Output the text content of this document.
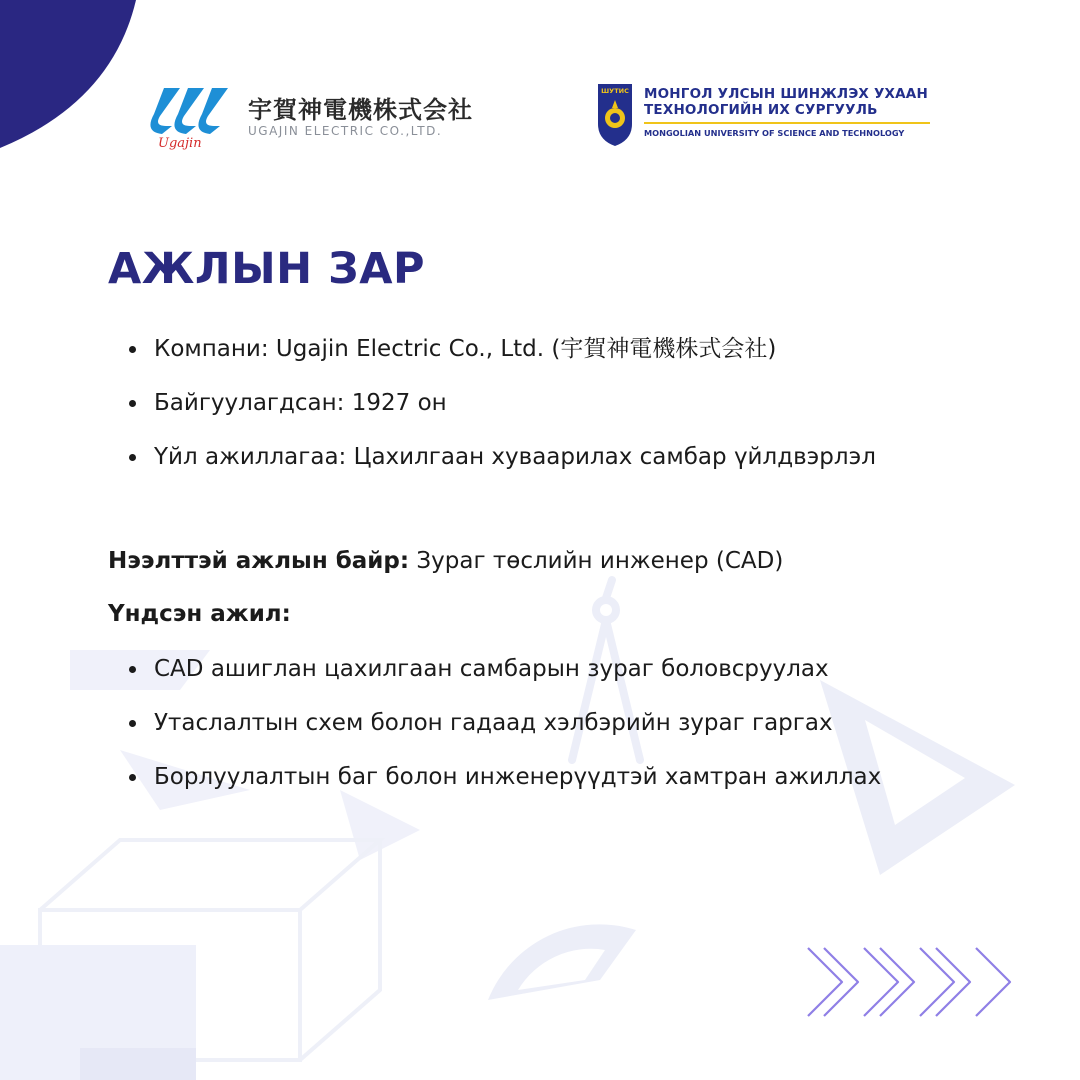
Ugajin
宇賀神電機株式会社
UGAJIN ELECTRIC CO.,LTD.
ШУТИС МОНГОЛ УЛСЫН ШИНЖЛЭХ УХААН
ТЕХНОЛОГИЙН ИХ СУРГУУЛЬ
MONGOLIAN UNIVERSITY OF SCIENCE AND TECHNOLOGY
АЖЛЫН ЗАР
Компани: Ugajin Electric Co., Ltd. (宇賀神電機株式会社)
Байгуулагдсан: 1927 он
Үйл ажиллагаа: Цахилгаан хуваарилах самбар үйлдвэрлэл

Нээлттэй ажлын байр: Зураг төслийн инженер (CAD)

Үндсэн ажил:

CAD ашиглан цахилгаан самбарын зураг боловсруулах
Утаслалтын схем болон гадаад хэлбэрийн зураг гаргах
Борлуулалтын баг болон инженерүүдтэй хамтран ажиллах
